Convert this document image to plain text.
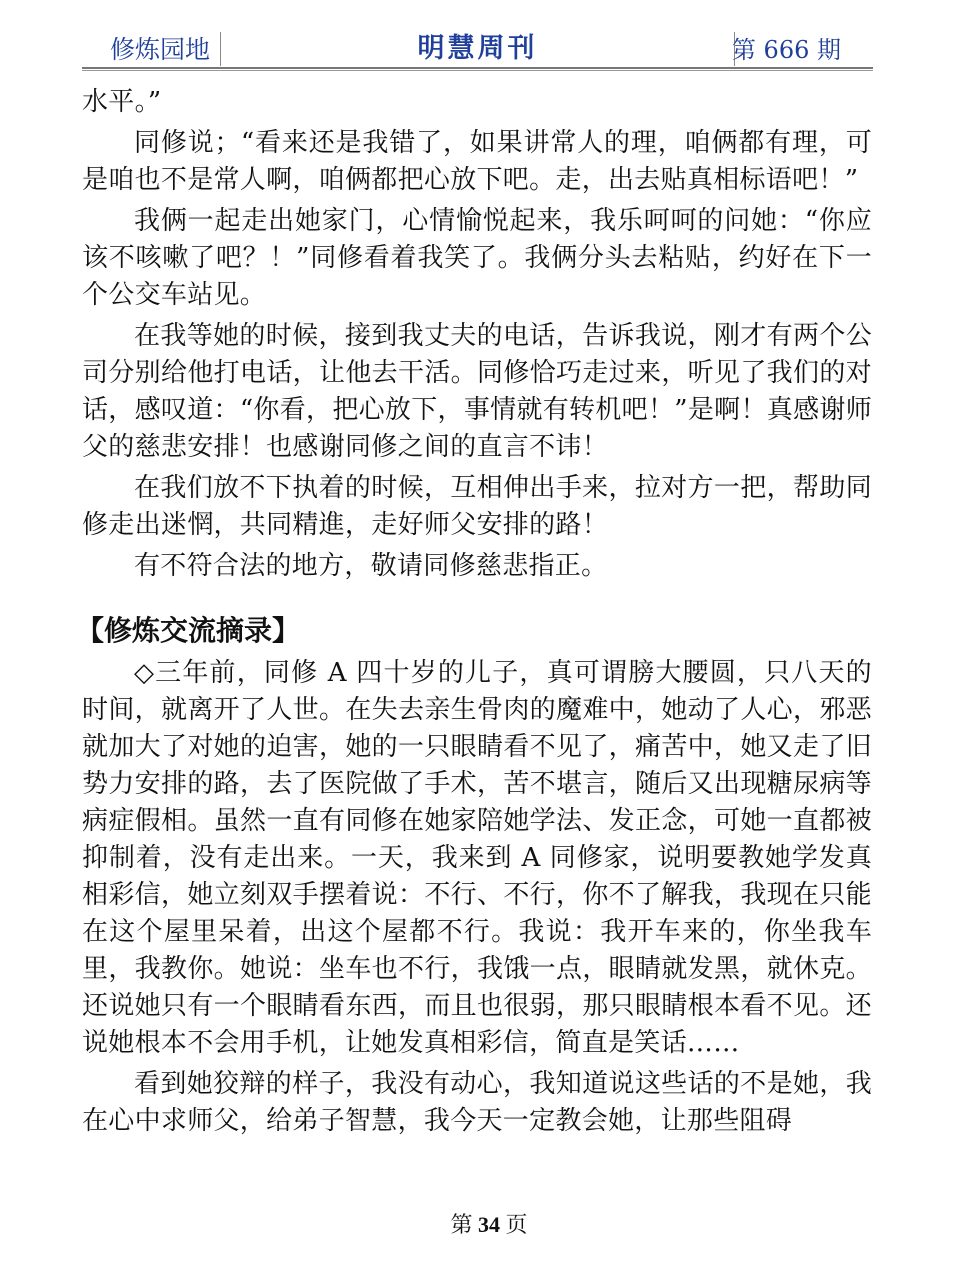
修炼园地	明慧周刊	第 666 期

水平。”

同修说；“看来还是我错了，如果讲常人的理，咱俩都有理，可是咱也不是常人啊，咱俩都把心放下吧。走，出去贴真相标语吧！”

我俩一起走出她家门，心情愉悦起来，我乐呵呵的问她：“你应该不咳嗽了吧？！”同修看着我笑了。我俩分头去粘贴，约好在下一个公交车站见。

在我等她的时候，接到我丈夫的电话，告诉我说，刚才有两个公司分别给他打电话，让他去干活。同修恰巧走过来，听见了我们的对话，感叹道：“你看，把心放下，事情就有转机吧！”是啊！真感谢师父的慈悲安排！也感谢同修之间的直言不讳！

在我们放不下执着的时候，互相伸出手来，拉对方一把，帮助同修走出迷惘，共同精進，走好师父安排的路！

有不符合法的地方，敬请同修慈悲指正。

【修炼交流摘录】

◇三年前，同修 A 四十岁的儿子，真可谓膀大腰圆，只八天的时间，就离开了人世。在失去亲生骨肉的魔难中，她动了人心，邪恶就加大了对她的迫害，她的一只眼睛看不见了，痛苦中，她又走了旧势力安排的路，去了医院做了手术，苦不堪言，随后又出现糖尿病等病症假相。虽然一直有同修在她家陪她学法、发正念，可她一直都被抑制着，没有走出来。一天，我来到 A 同修家，说明要教她学发真相彩信，她立刻双手摆着说：不行、不行，你不了解我，我现在只能在这个屋里呆着，出这个屋都不行。我说：我开车来的，你坐我车里，我教你。她说：坐车也不行，我饿一点，眼睛就发黑，就休克。还说她只有一个眼睛看东西，而且也很弱，那只眼睛根本看不见。还说她根本不会用手机，让她发真相彩信，简直是笑话……

看到她狡辩的样子，我没有动心，我知道说这些话的不是她，我在心中求师父，给弟子智慧，我今天一定教会她，让那些阻碍

第 34 页
